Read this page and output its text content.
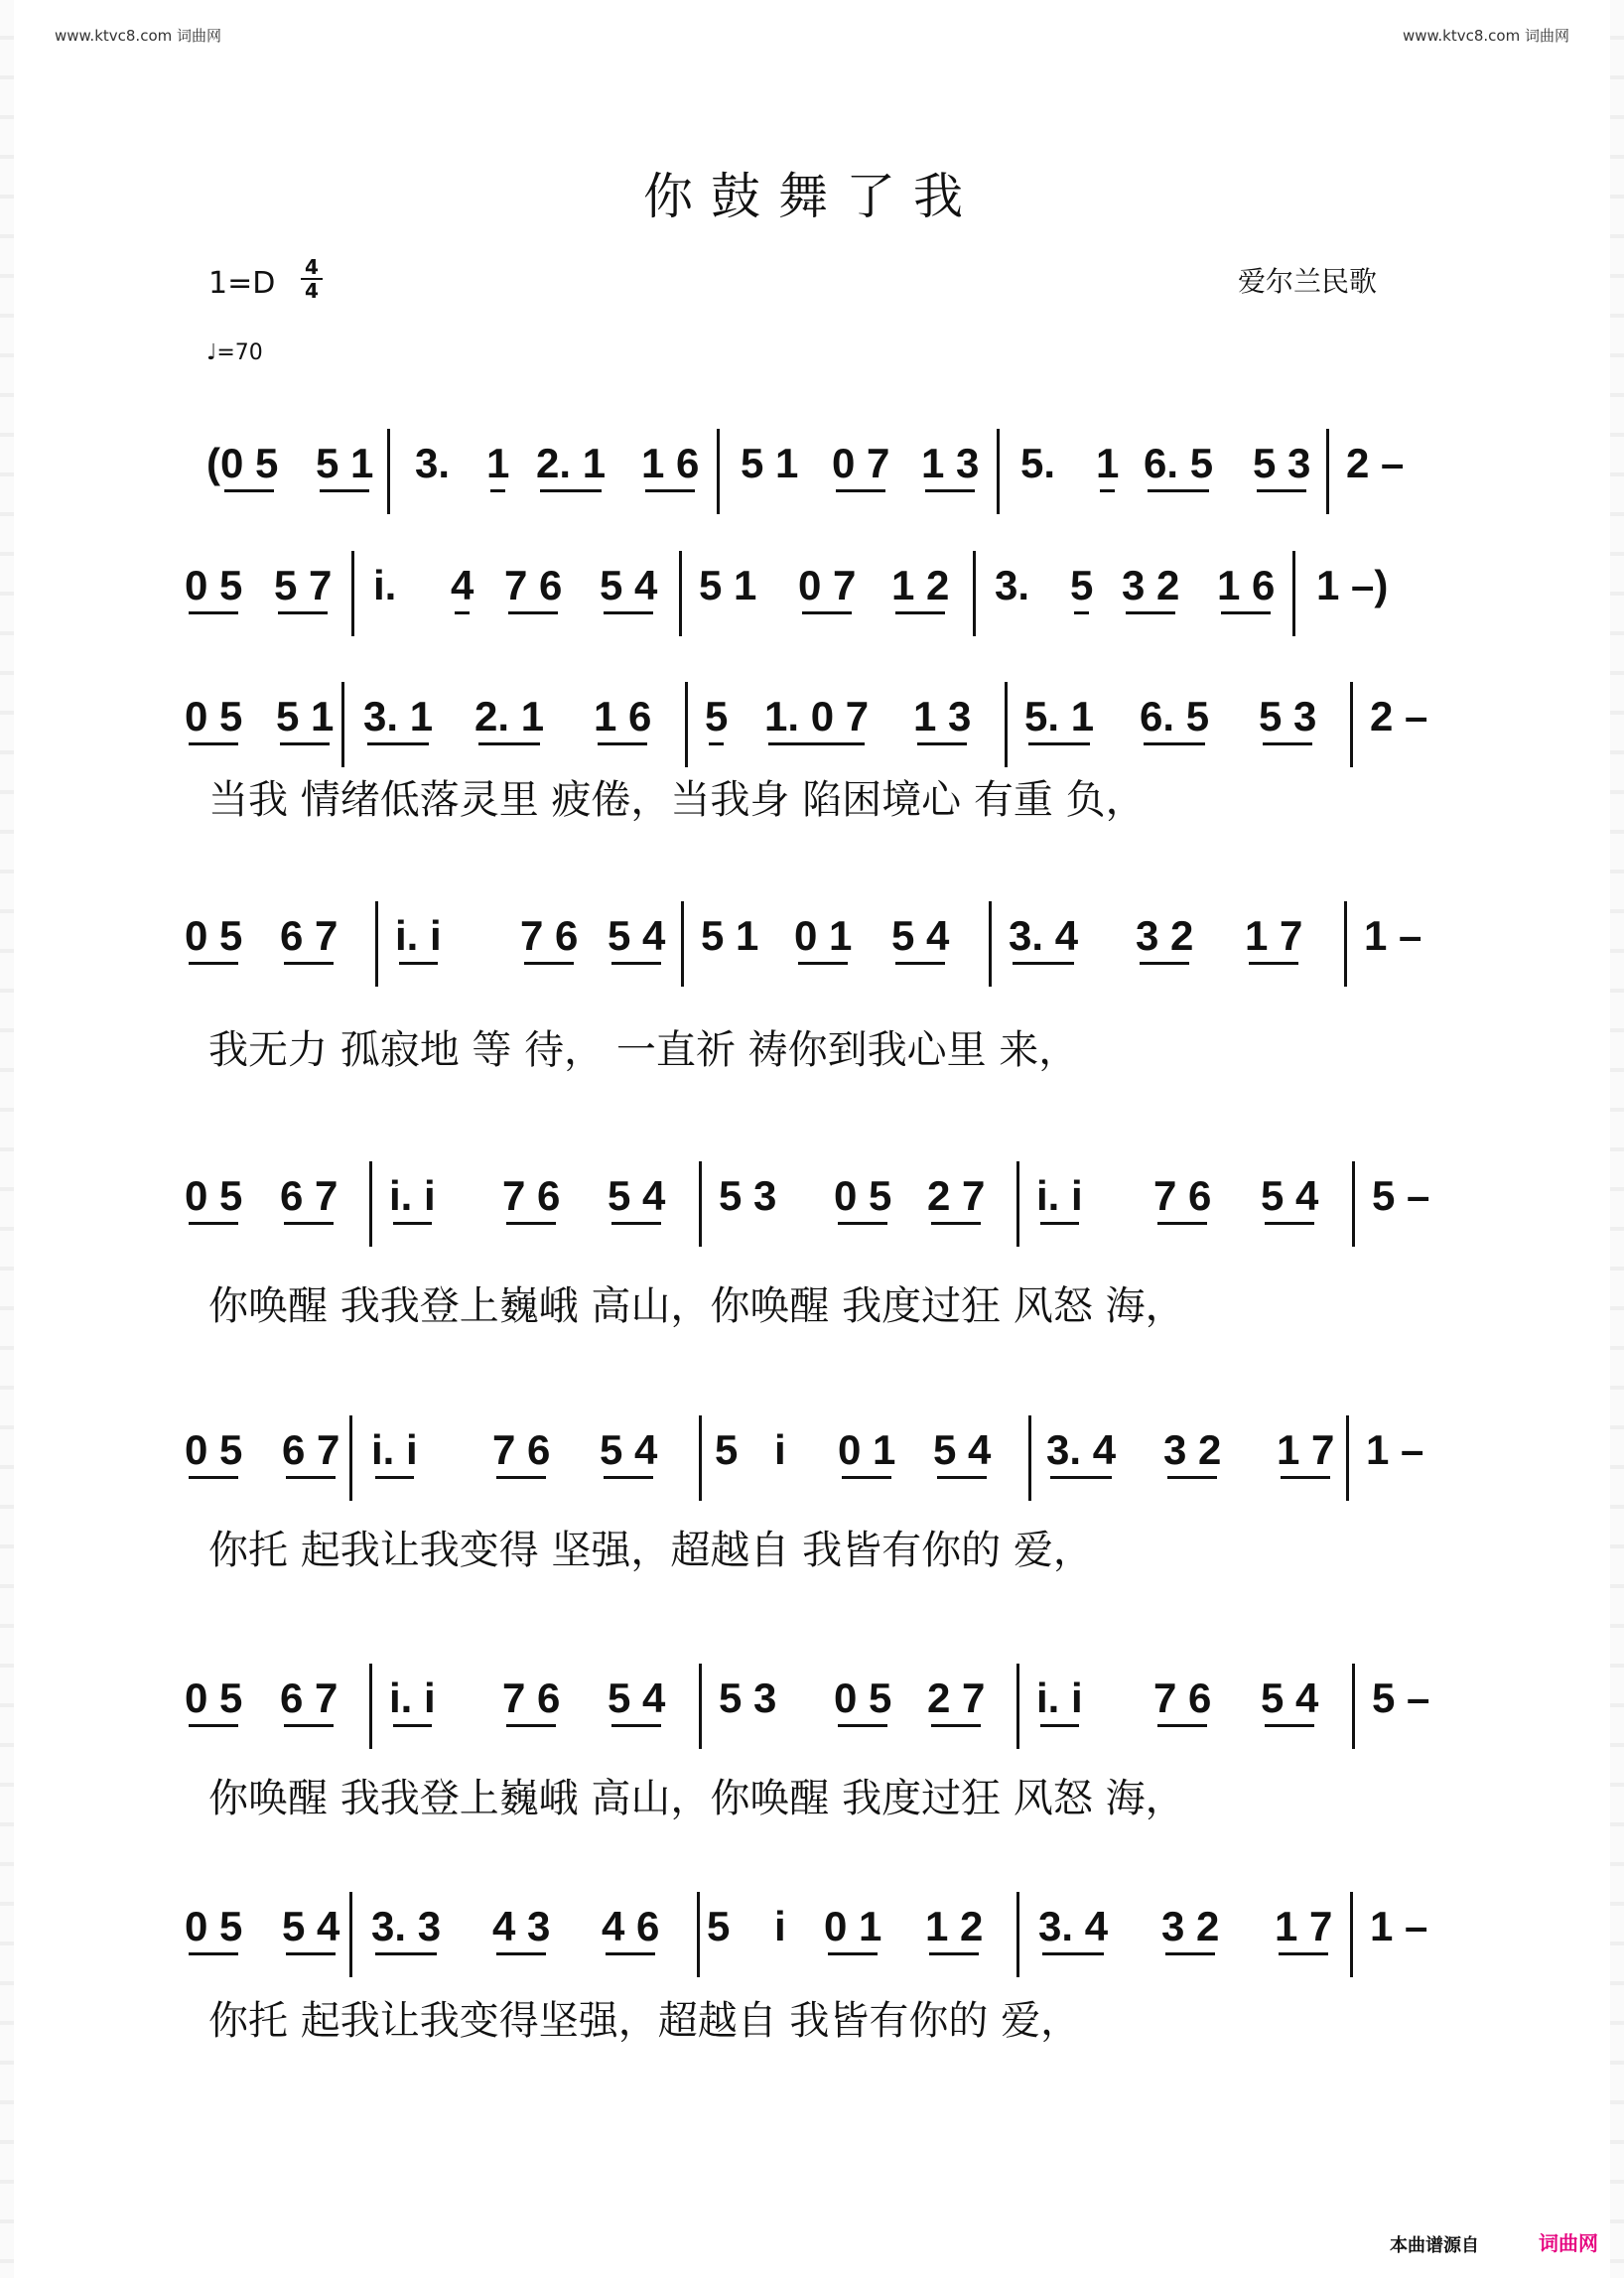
www.ktvc8.com 词曲网	www.ktvc8.com 词曲网
你鼓舞了我
1=D 4
4
♩=70
爱尔兰民歌
( 0 5 5 1 3. 1 2. 1 1 6 5 1 0 7 1 3 5. 1 6. 5 5 3 2 –
0 5 5 7 i. 4 7 6 5 4 5 1 0 7 1 2 3. 5 3 2 1 6 1 –)
0 5 5 1 3. 1 2. 1 1 6 5 1. 0 7 1 3 5. 1 6. 5 5 3 2 –
0 5 6 7 i. i 7 6 5 4 5 1 0 1 5 4 3. 4 3 2 1 7 1 –
0 5 6 7 i. i 7 6 5 4 5 3 0 5 2 7 i. i 7 6 5 4 5 –
0 5 6 7 i. i 7 6 5 4 5 i 0 1 5 4 3. 4 3 2 1 7 1 –
0 5 6 7 i. i 7 6 5 4 5 3 0 5 2 7 i. i 7 6 5 4 5 –
0 5 5 4 3. 3 4 3 4 6 5 i 0 1 1 2 3. 4 3 2 1 7 1 –
当我 情绪低落灵里 疲倦，当我身 陷困境心 有重 负，
我无力 孤寂地 等 待， 一直祈 祷你到我心里 来，
你唤醒 我我登上巍峨 高山，你唤醒 我度过狂 风怒 海，
你托 起我让我变得 坚强，超越自 我皆有你的 爱，
你唤醒 我我登上巍峨 高山，你唤醒 我度过狂 风怒 海，
你托 起我让我变得坚强，超越自 我皆有你的 爱，
本曲谱源自	词曲网
